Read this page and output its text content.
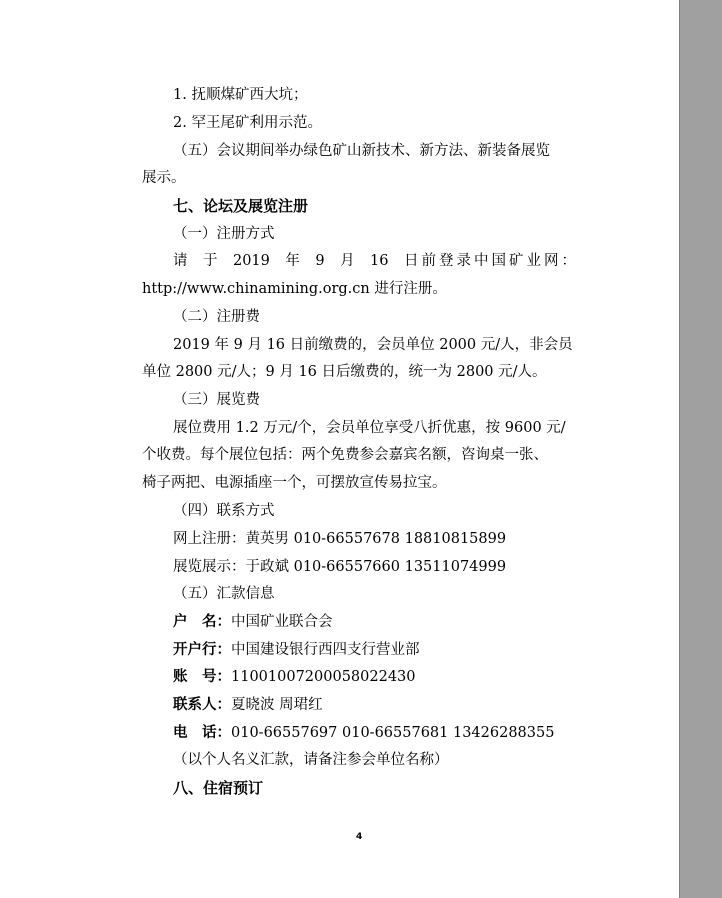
1. 抚顺煤矿西大坑；
2. 罕王尾矿利用示范。
（五）会议期间举办绿色矿山新技术、新方法、新装备展览
展示。
七、论坛及展览注册
（一）注册方式
请 于 2019 年 9 月 16 日前登录中国矿业网：
http://www.chinamining.org.cn 进行注册。
（二）注册费
2019 年 9 月 16 日前缴费的，会员单位 2000 元/人，非会员
单位 2800 元/人；9 月 16 日后缴费的，统一为 2800 元/人。
（三）展览费
展位费用 1.2 万元/个，会员单位享受八折优惠，按 9600 元/
个收费。每个展位包括：两个免费参会嘉宾名额，咨询桌一张、
椅子两把、电源插座一个，可摆放宣传易拉宝。
（四）联系方式
网上注册：黄英男 010-66557678 18810815899
展览展示：于政斌 010-66557660 13511074999
（五）汇款信息
户　名：中国矿业联合会
开户行：中国建设银行西四支行营业部
账　号：11001007200058022430
联系人：夏晓波 周珺红
电　话：010-66557697 010-66557681 13426288355
（以个人名义汇款，请备注参会单位名称）
八、住宿预订
4
